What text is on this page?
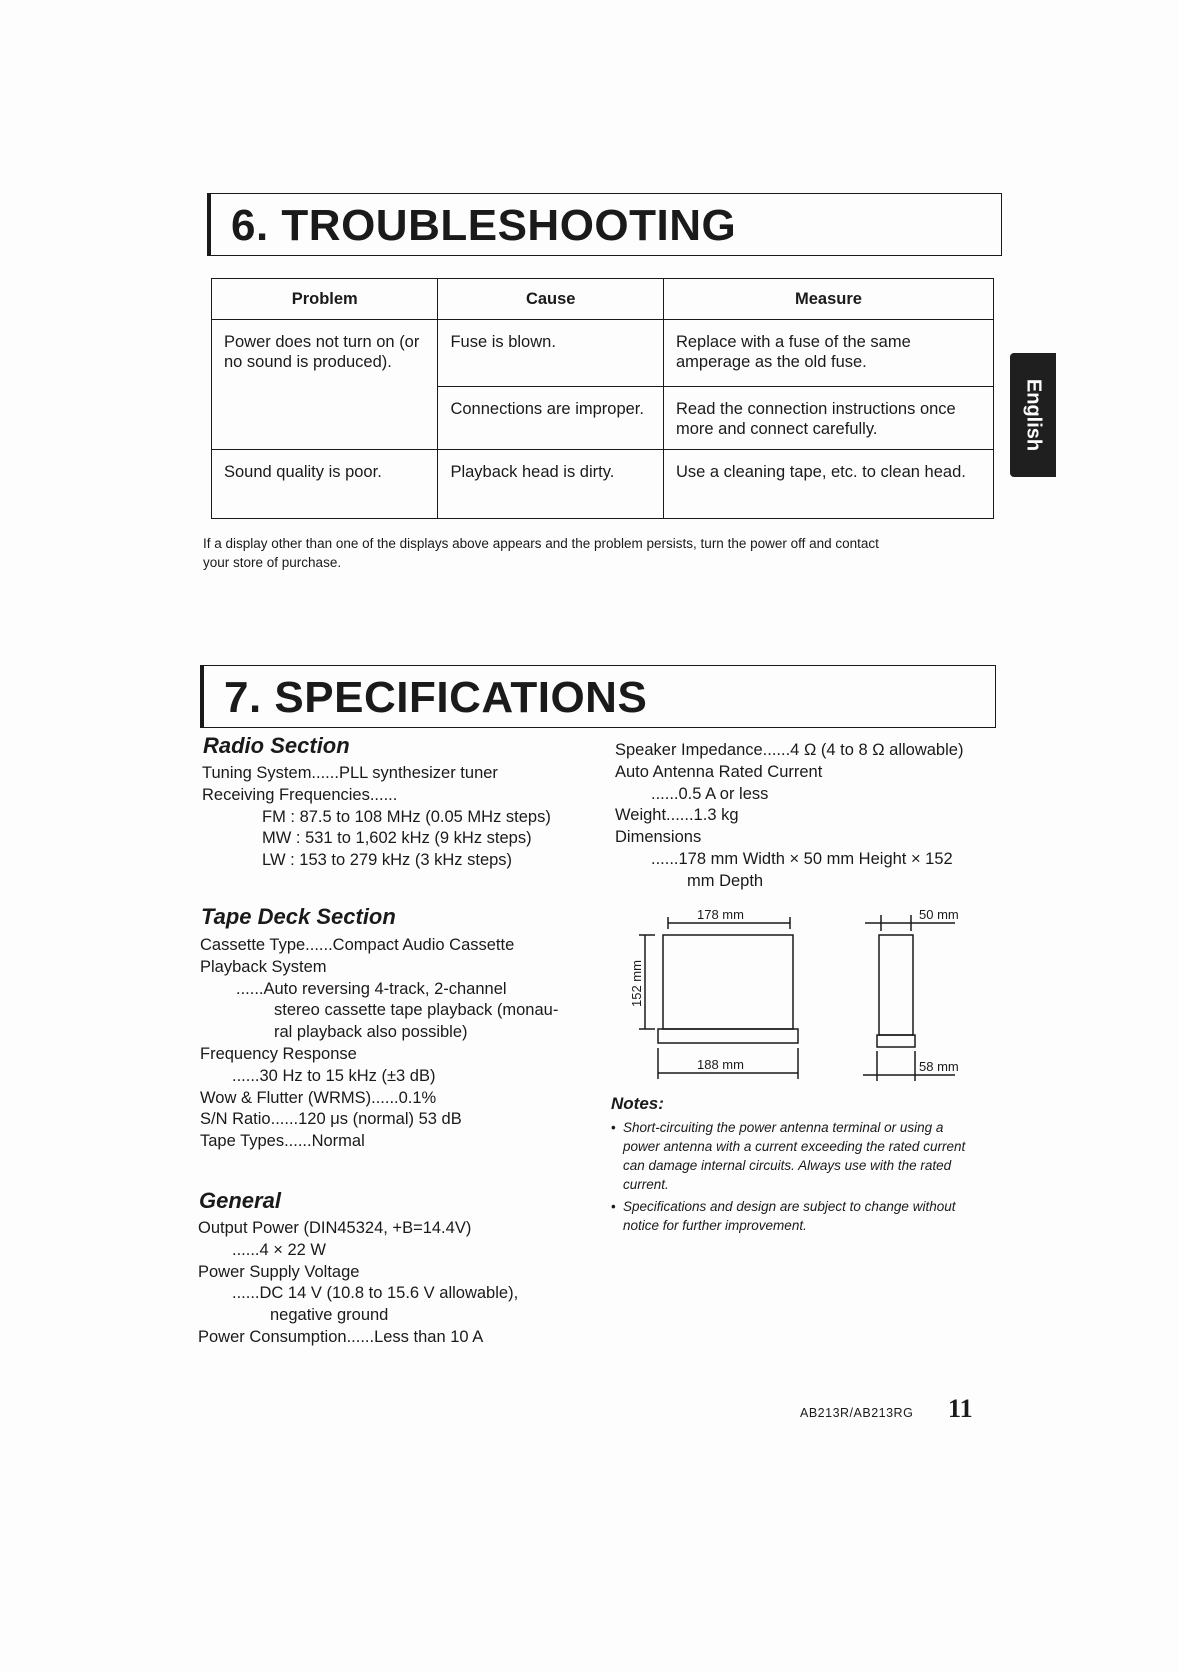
6. TROUBLESHOOTING
Problem	Cause	Measure
Power does not turn on (or no sound is produced).	Fuse is blown.	Replace with a fuse of the same amperage as the old fuse.
	Connections are improper.	Read the connection instructions once more and connect carefully.
Sound quality is poor.	Playback head is dirty.	Use a cleaning tape, etc. to clean head.
If a display other than one of the displays above appears and the problem persists, turn the power off and contact
your store of purchase.
English
7. SPECIFICATIONS
Radio Section
Tuning System......PLL synthesizer tuner
Receiving Frequencies......
FM : 87.5 to 108 MHz (0.05 MHz steps)
MW : 531 to 1,602 kHz (9 kHz steps)
LW : 153 to 279 kHz (3 kHz steps)
Tape Deck Section
Cassette Type......Compact Audio Cassette
Playback System
......Auto reversing 4-track, 2-channel
stereo cassette tape playback (monau-
ral playback also possible)
Frequency Response
......30 Hz to 15 kHz (±3 dB)
Wow & Flutter (WRMS)......0.1%
S/N Ratio......120 μs (normal) 53 dB
Tape Types......Normal
General
Output Power (DIN45324, +B=14.4V)
......4 × 22 W
Power Supply Voltage
......DC 14 V (10.8 to 15.6 V allowable),
negative ground
Power Consumption......Less than 10 A
Speaker Impedance......4 Ω (4 to 8 Ω allowable)
Auto Antenna Rated Current
......0.5 A or less
Weight......1.3 kg
Dimensions
......178 mm Width × 50 mm Height × 152
mm Depth
178 mm
188 mm
152 mm
50 mm
58 mm
Notes:
• Short-circuiting the power antenna terminal or using a power antenna with a current exceeding the rated current can damage internal circuits. Always use with the rated current.
• Specifications and design are subject to change without notice for further improvement.
AB213R/AB213RG 11
